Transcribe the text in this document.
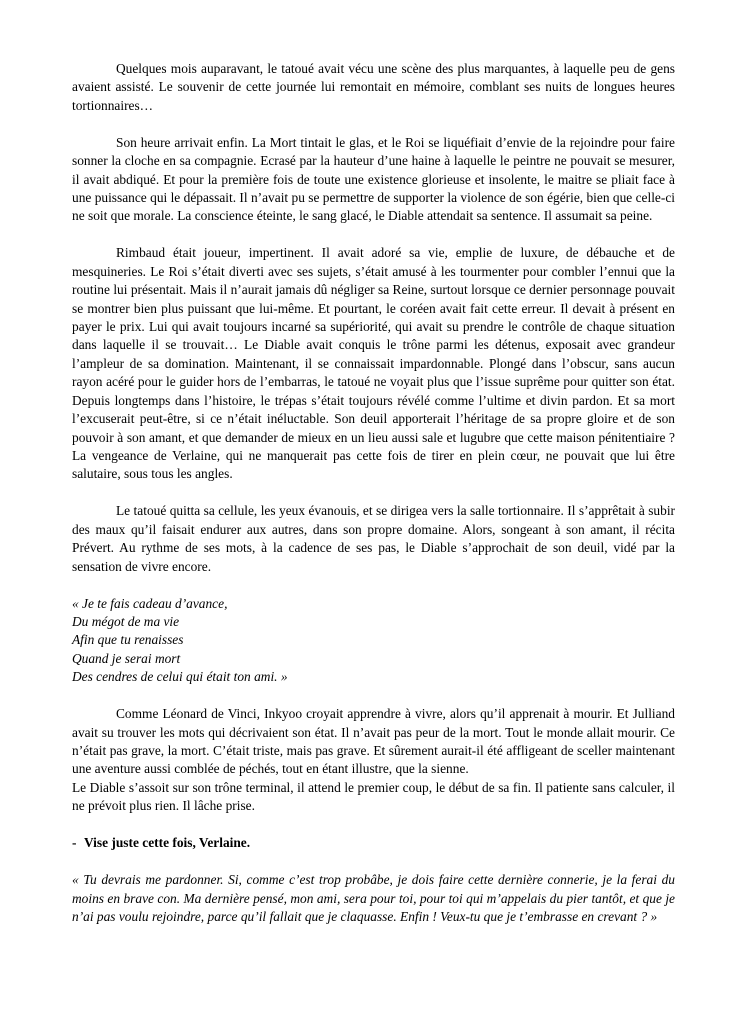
Quelques mois auparavant, le tatoué avait vécu une scène des plus marquantes, à laquelle peu de gens avaient assisté. Le souvenir de cette journée lui remontait en mémoire, comblant ses nuits de longues heures tortionnaires…

Son heure arrivait enfin. La Mort tintait le glas, et le Roi se liquéfiait d’envie de la rejoindre pour faire sonner la cloche en sa compagnie. Ecrasé par la hauteur d’une haine à laquelle le peintre ne pouvait se mesurer, il avait abdiqué. Et pour la première fois de toute une existence glorieuse et insolente, le maitre se pliait face à une puissance qui le dépassait. Il n’avait pu se permettre de supporter la violence de son égérie, bien que celle-ci ne soit que morale. La conscience éteinte, le sang glacé, le Diable attendait sa sentence. Il assumait sa peine.

Rimbaud était joueur, impertinent. Il avait adoré sa vie, emplie de luxure, de débauche et de mesquineries. Le Roi s’était diverti avec ses sujets, s’était amusé à les tourmenter pour combler l’ennui que la routine lui présentait. Mais il n’aurait jamais dû négliger sa Reine, surtout lorsque ce dernier personnage pouvait se montrer bien plus puissant que lui-même. Et pourtant, le coréen avait fait cette erreur. Il devait à présent en payer le prix. Lui qui avait toujours incarné sa supériorité, qui avait su prendre le contrôle de chaque situation dans laquelle il se trouvait… Le Diable avait conquis le trône parmi les détenus, exposait avec grandeur l’ampleur de sa domination. Maintenant, il se connaissait impardonnable. Plongé dans l’obscur, sans aucun rayon acéré pour le guider hors de l’embarras, le tatoué ne voyait plus que l’issue suprême pour quitter son état. Depuis longtemps dans l’histoire, le trépas s’était toujours révélé comme l’ultime et divin pardon. Et sa mort l’excuserait peut-être, si ce n’était inéluctable. Son deuil apporterait l’héritage de sa propre gloire et de son pouvoir à son amant, et que demander de mieux en un lieu aussi sale et lugubre que cette maison pénitentiaire ? La vengeance de Verlaine, qui ne manquerait pas cette fois de tirer en plein cœur, ne pouvait que lui être salutaire, sous tous les angles.

Le tatoué quitta sa cellule, les yeux évanouis, et se dirigea vers la salle tortionnaire. Il s’apprêtait à subir des maux qu’il faisait endurer aux autres, dans son propre domaine. Alors, songeant à son amant, il récita Prévert. Au rythme de ses mots, à la cadence de ses pas, le Diable s’approchait de son deuil, vidé par la sensation de vivre encore.

« Je te fais cadeau d’avance,
Du mégot de ma vie
Afin que tu renaisses
Quand je serai mort
Des cendres de celui qui était ton ami. »

Comme Léonard de Vinci, Inkyoo croyait apprendre à vivre, alors qu’il apprenait à mourir. Et Julliand avait su trouver les mots qui décrivaient son état. Il n’avait pas peur de la mort. Tout le monde allait mourir. Ce n’était pas grave, la mort. C’était triste, mais pas grave. Et sûrement aurait-il été affligeant de sceller maintenant une aventure aussi comblée de péchés, tout en étant illustre, que la sienne.

Le Diable s’assoit sur son trône terminal, il attend le premier coup, le début de sa fin. Il patiente sans calculer, il ne prévoit plus rien. Il lâche prise.

- Vise juste cette fois, Verlaine.

« Tu devrais me pardonner. Si, comme c’est trop probâbe, je dois faire cette dernière connerie, je la ferai du moins en brave con. Ma dernière pensé, mon ami, sera pour toi, pour toi qui m’appelais du pier tantôt, et que je n’ai pas voulu rejoindre, parce qu’il fallait que je claquasse. Enfin ! Veux-tu que je t’embrasse en crevant ? »
